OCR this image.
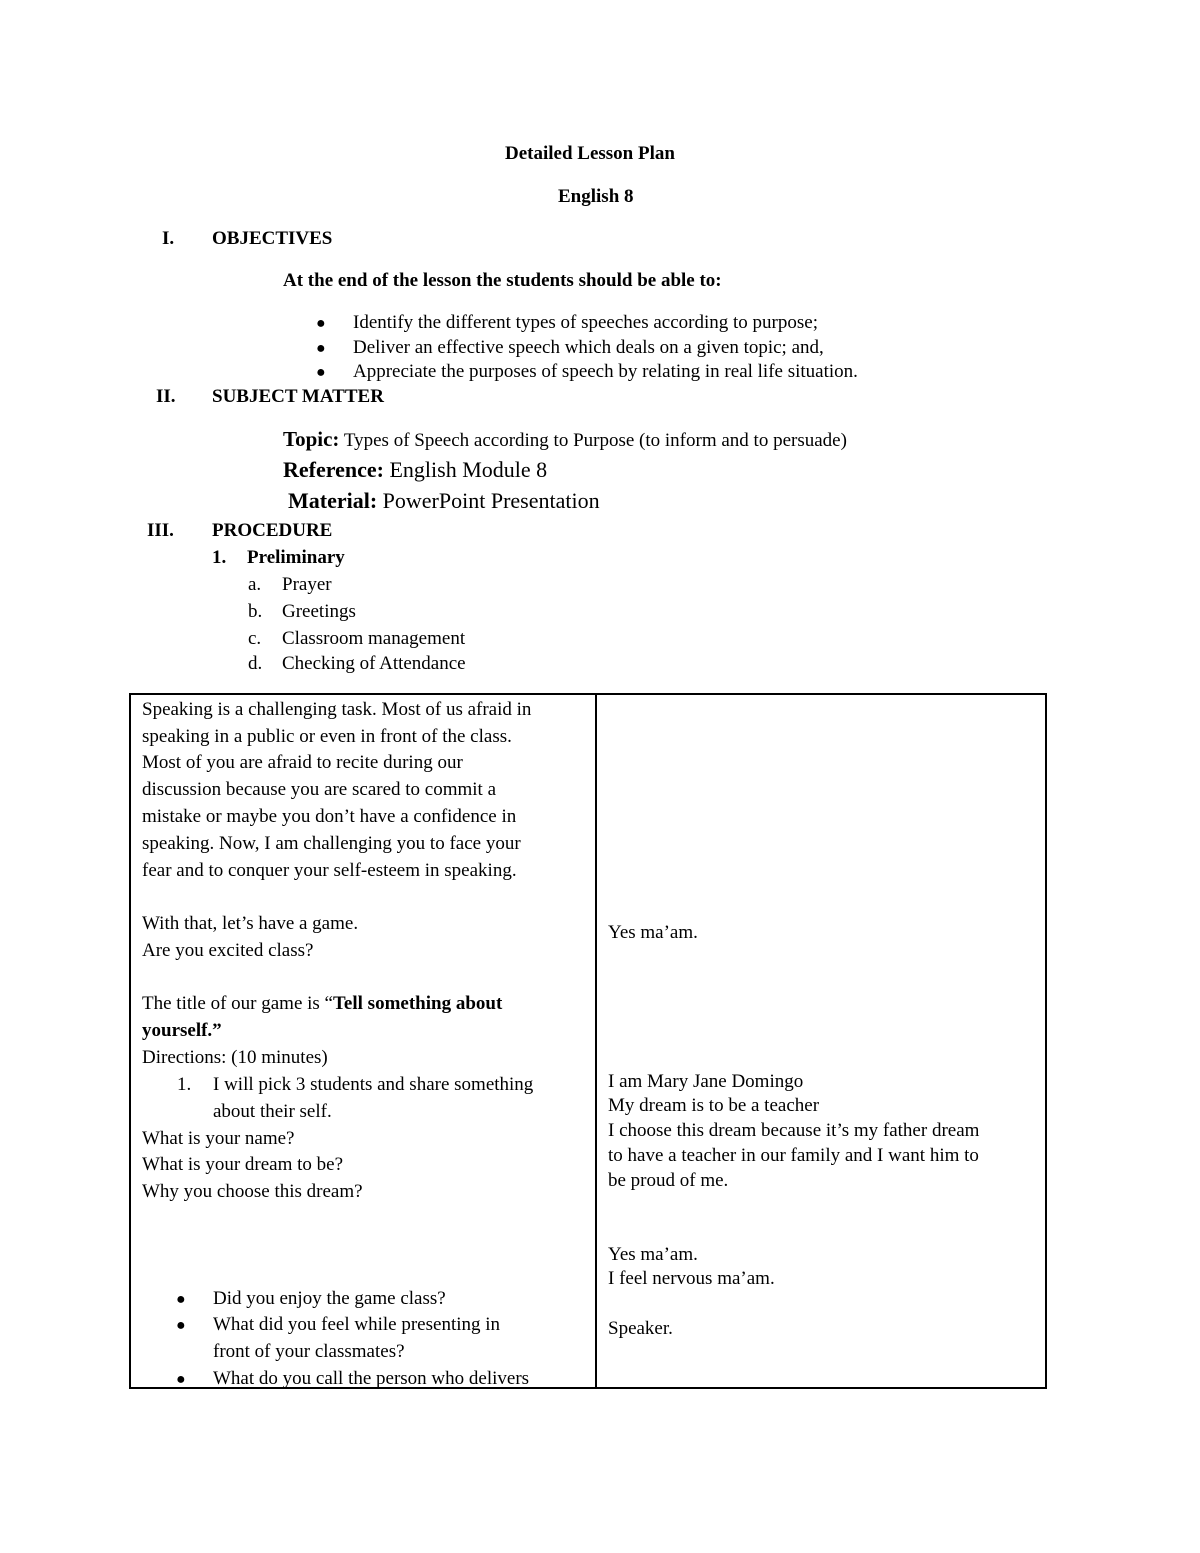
Detailed Lesson Plan
English 8
I. OBJECTIVES
At the end of the lesson the students should be able to:
● Identify the different types of speeches according to purpose;
● Deliver an effective speech which deals on a given topic; and,
● Appreciate the purposes of speech by relating in real life situation.
II. SUBJECT MATTER
Topic: Types of Speech according to Purpose (to inform and to persuade)
Reference: English Module 8
Material: PowerPoint Presentation
III. PROCEDURE
1. Preliminary
a. Prayer
b. Greetings
c. Classroom management
d. Checking of Attendance
Speaking is a challenging task. Most of us afraid in
speaking in a public or even in front of the class.
Most of you are afraid to recite during our
discussion because you are scared to commit a
mistake or maybe you don’t have a confidence in
speaking. Now, I am challenging you to face your
fear and to conquer your self-esteem in speaking.
With that, let’s have a game.
Are you excited class?
The title of our game is “Tell something about
yourself.”
Directions: (10 minutes)
1. I will pick 3 students and share something
about their self.
What is your name?
What is your dream to be?
Why you choose this dream?
● Did you enjoy the game class?
● What did you feel while presenting in
front of your classmates?
● What do you call the person who delivers
Yes ma’am.
I am Mary Jane Domingo
My dream is to be a teacher
I choose this dream because it’s my father dream
to have a teacher in our family and I want him to
be proud of me.
Yes ma’am.
I feel nervous ma’am.
Speaker.
